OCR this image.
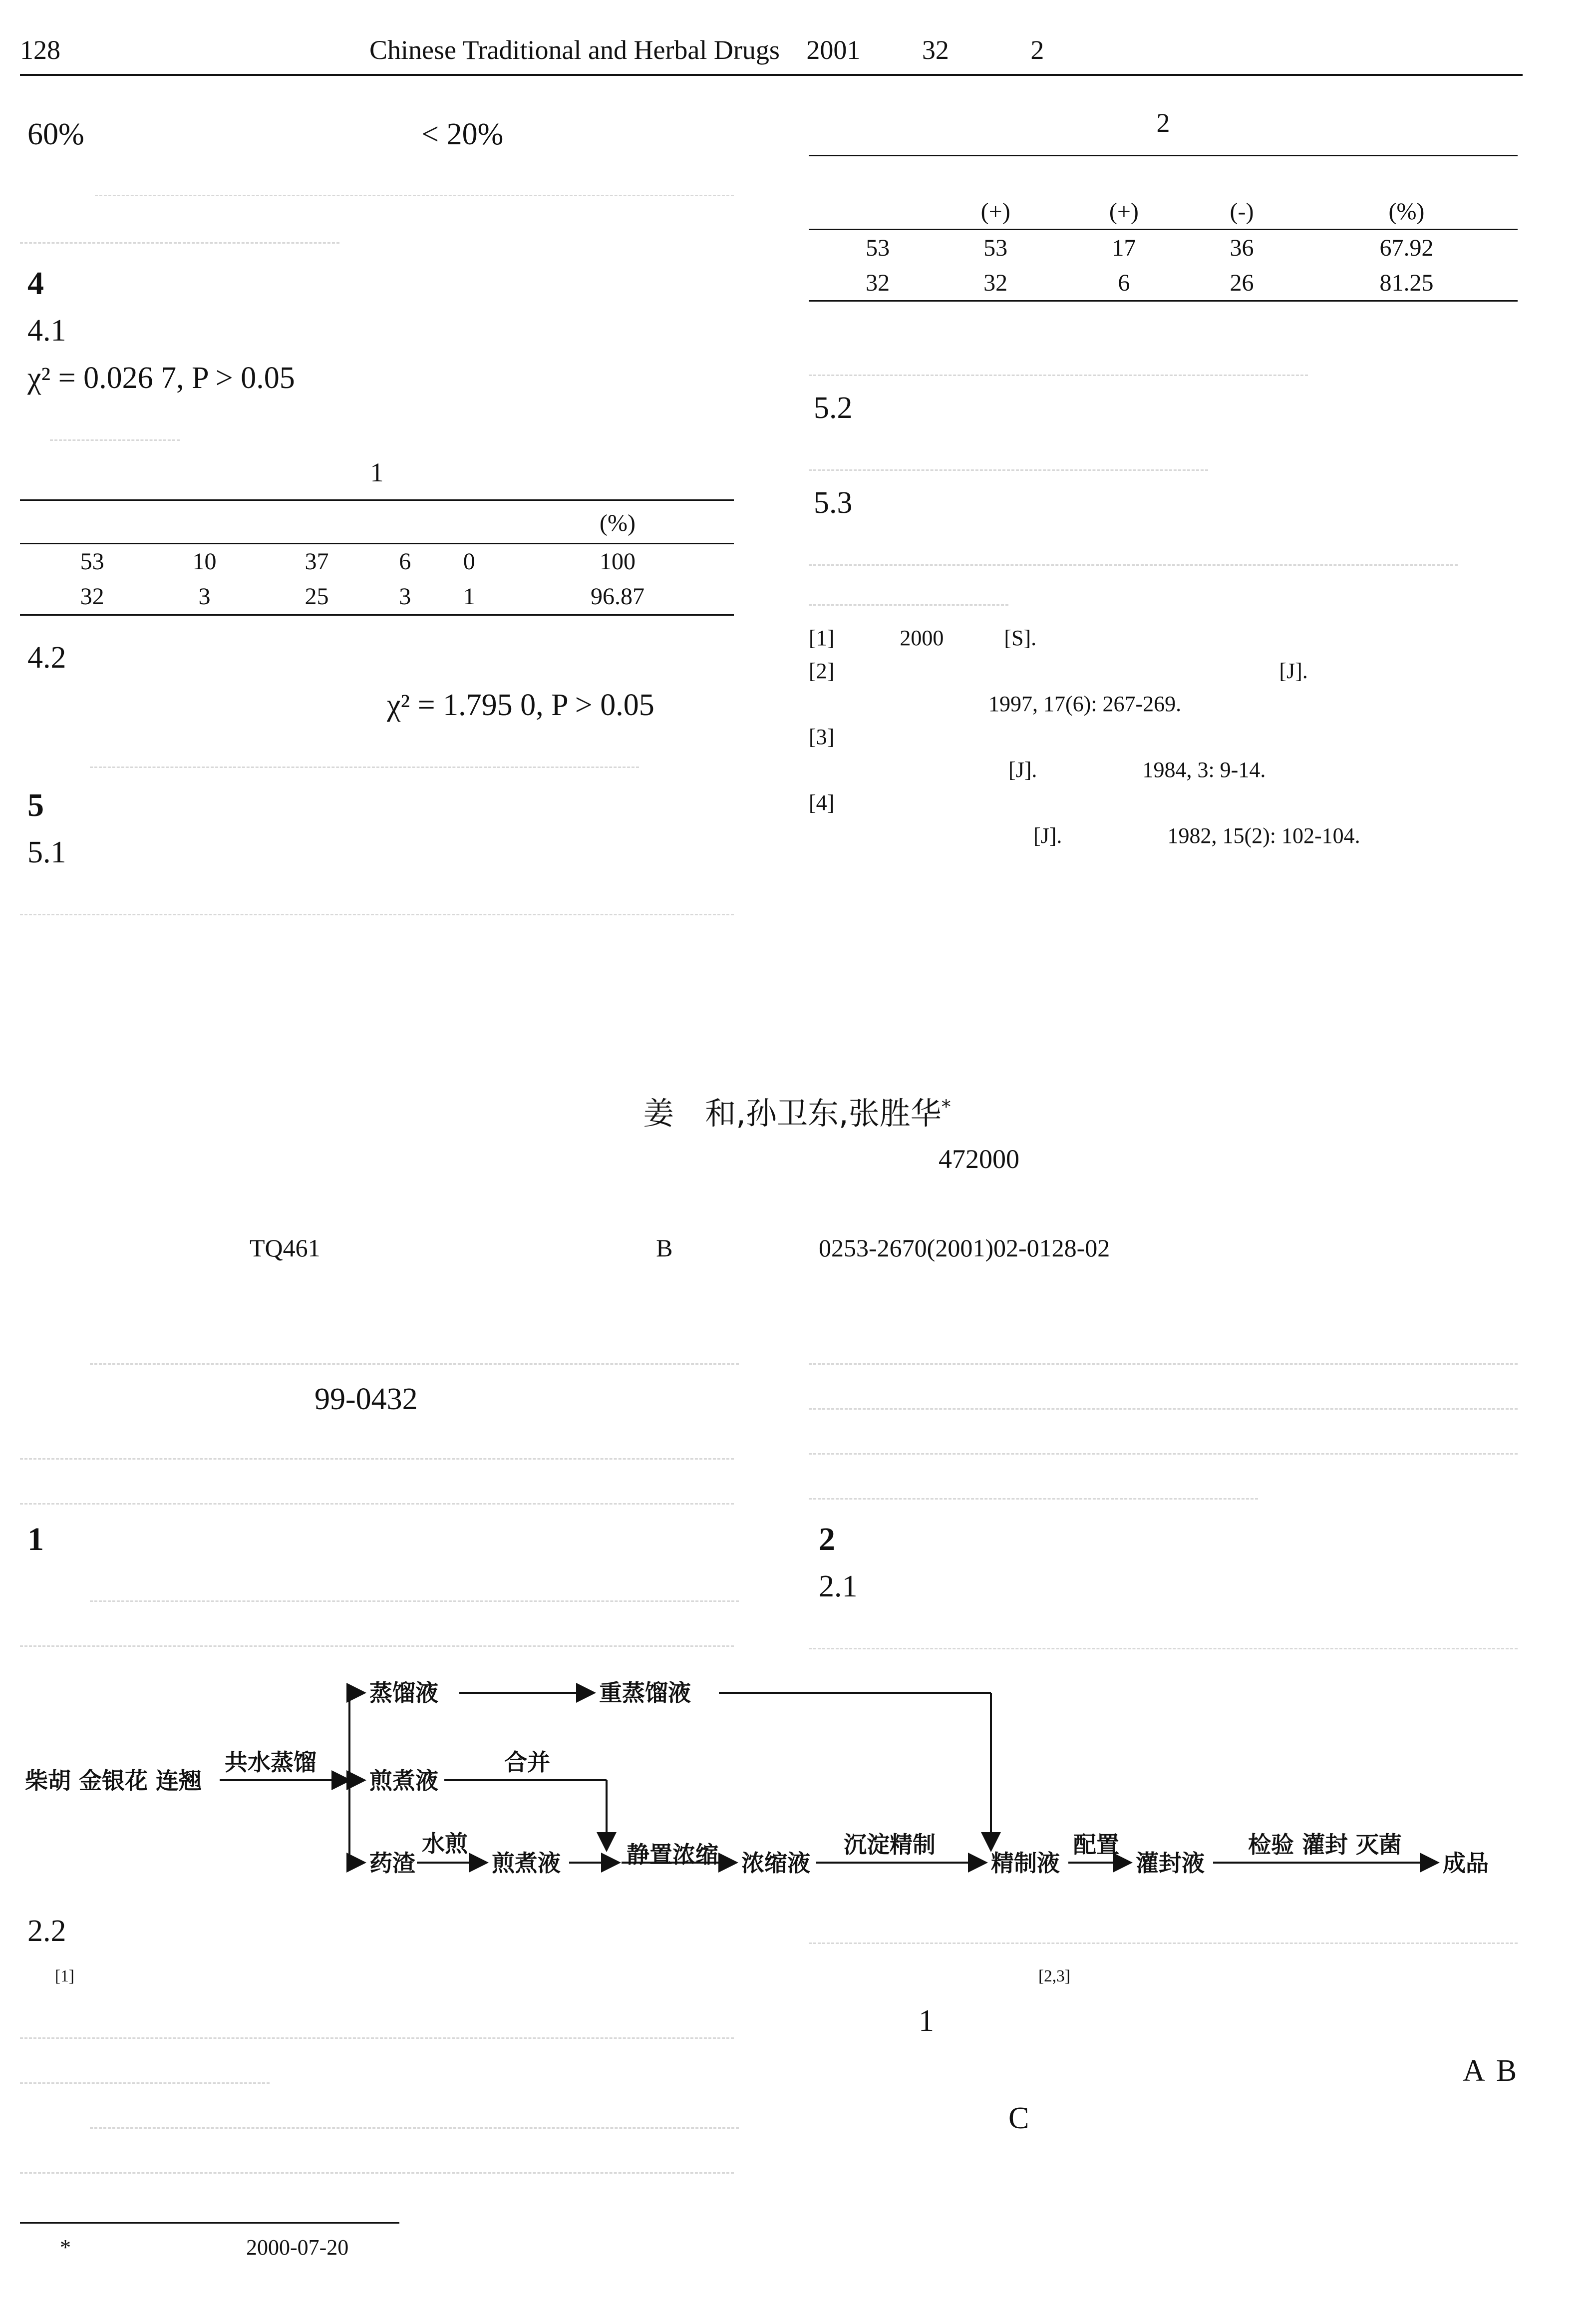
128	Chinese Traditional and Herbal Drugs 2001 32	2
60%	< 20%
4
4.1
χ² = 0.026 7, P > 0.05
1
						(%)
	53	10	37	6	0	100
	32	3	25	3	1	96.87
4.2
χ² = 1.795 0, P > 0.05
5
5.1
2

		(+)	(+)	(-)	(%)
	53	53	17	36	67.92
	32	32	6	26	81.25
5.2
5.3
[1]	2000	[S].
[2]	[J].
1997, 17(6): 267-269.
[3]
[J].	1984, 3: 9-14.
[4]
[J].	1982, 15(2): 102-104.
姜　和,孙卫东,张胜华*
472000
TQ461	B	0253-2670(2001)02-0128-02
99-0432
1	2
2.1
柴胡 金银花 连翘
共水蒸馏
蒸馏液	重蒸馏液
煎煮液
合并
药渣
水煎
煎煮液	静置浓缩 浓缩液
沉淀精制
精制液
配置
灌封液
检验 灌封 灭菌
成品
2.2
[1]	[2,3]
1
A B
C
*	2000-07-20
